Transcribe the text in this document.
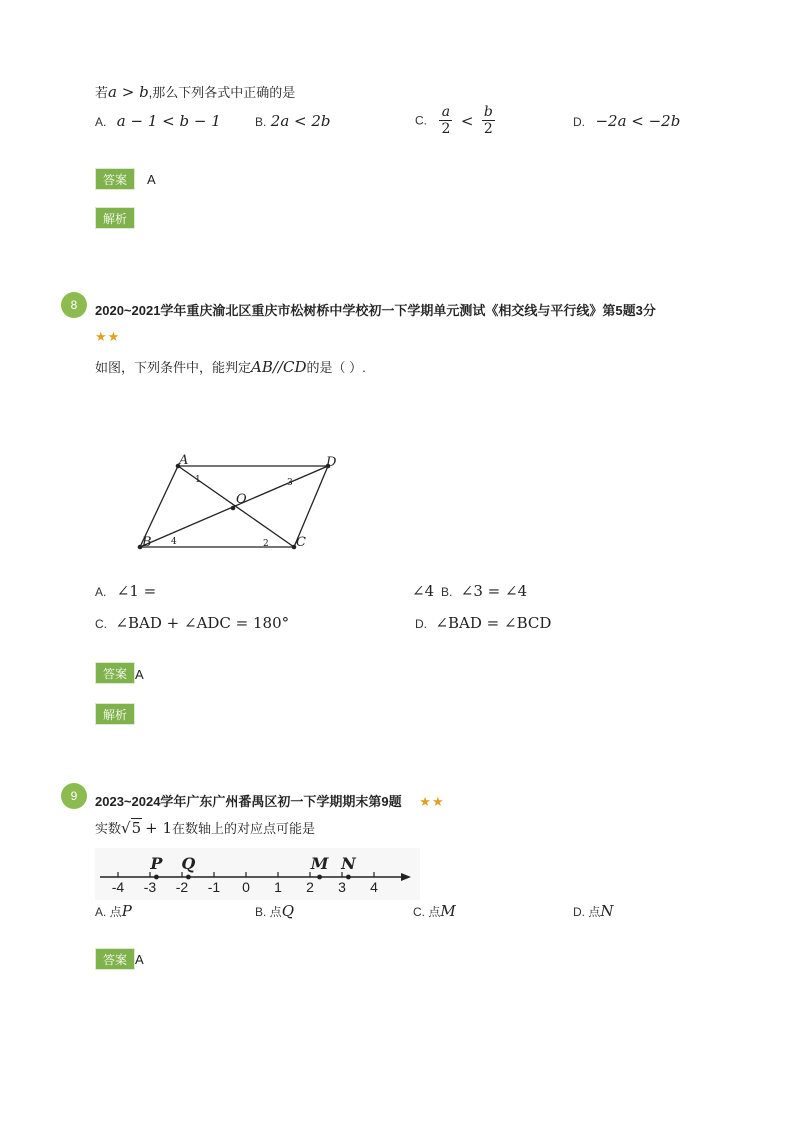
若a > b,那么下列各式中正确的是
A. a − 1 < b − 1	B. 2a < 2b	C. $\frac{a}{2} < \frac{b}{2}$	D. −2a < −2b
答案	A
解析
8	2020~2021学年重庆渝北区重庆市松树桥中学校初一下学期单元测试《相交线与平行线》第5题3分
★★
如图，下列条件中，能判定AB//CD的是（ ）.
A	D
B	C
O
1
2
3
4
A. ∠1 =	∠4 B. ∠3 = ∠4
C. ∠BAD + ∠ADC = 180°	D. ∠BAD = ∠BCD
答案 A
解析
9	2023~2024学年广东广州番禺区初一下学期期末第9题 ★★
实数√5 + 1在数轴上的对应点可能是
-4 -3 -2 -1 0 1 2 3 4
P Q	M N
A. 点P	B. 点Q	C. 点M	D. 点N
答案 A
